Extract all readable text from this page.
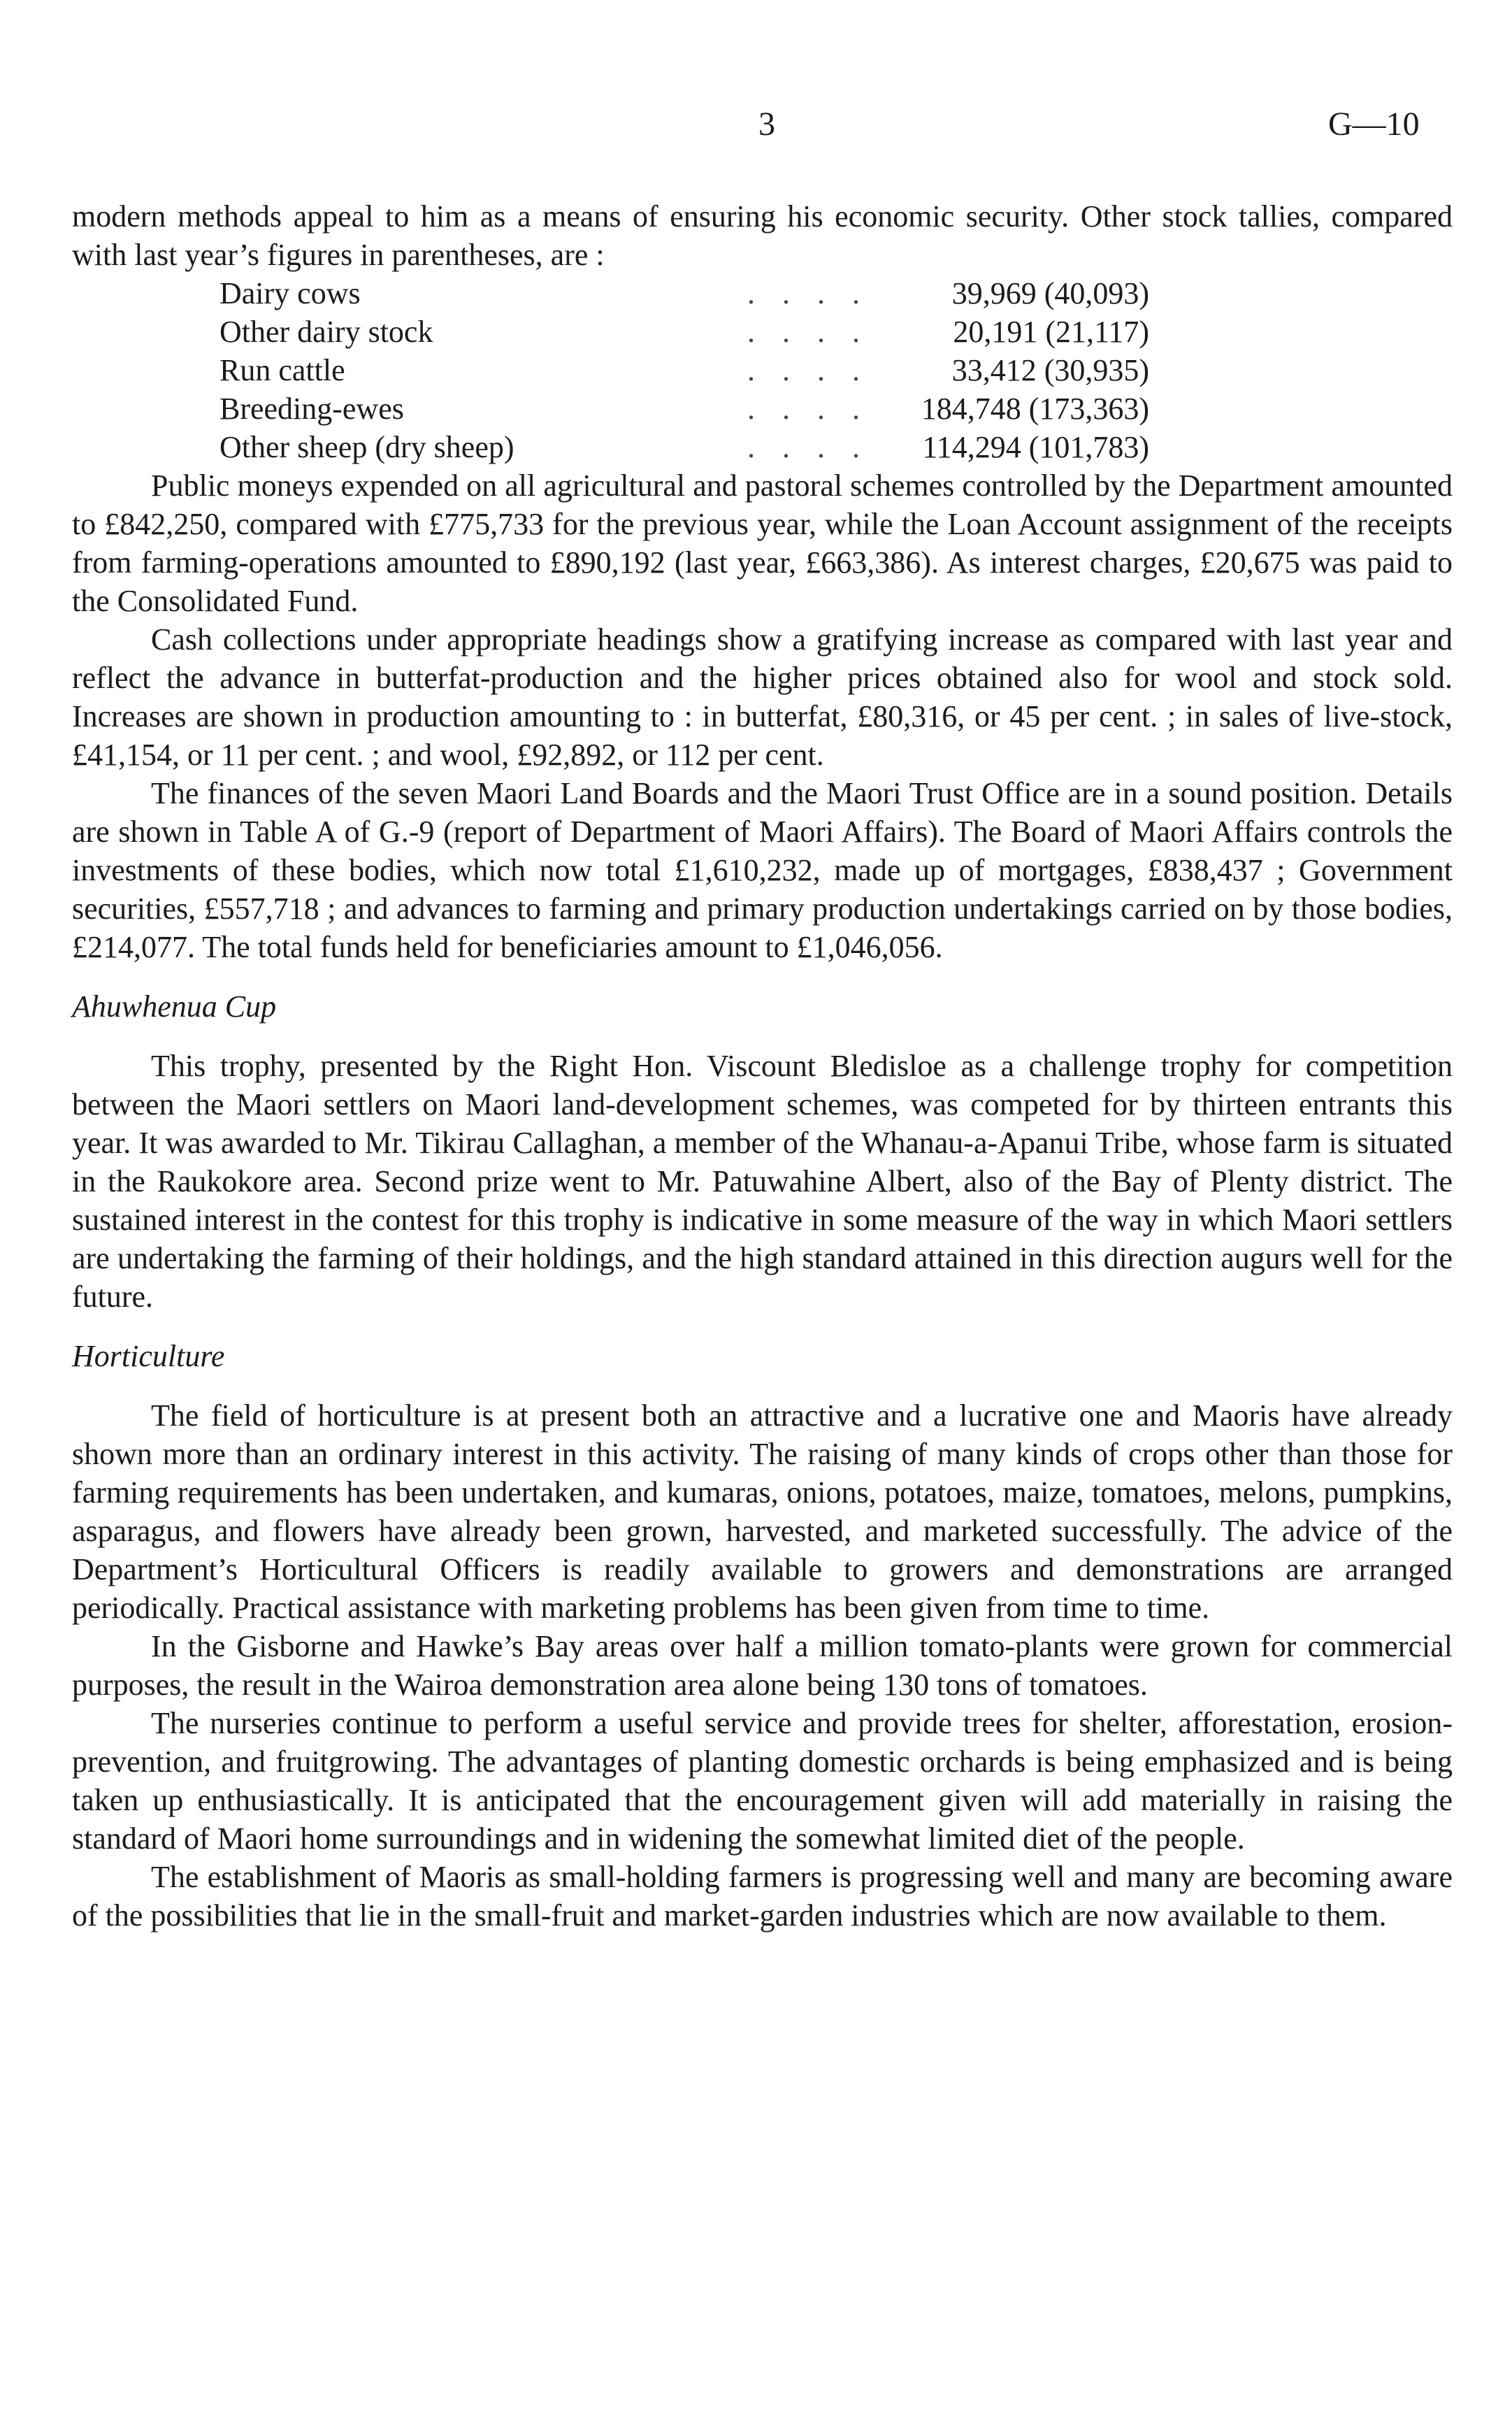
3	G—10

modern methods appeal to him as a means of ensuring his economic security. Other stock tallies, compared with last year’s figures in parentheses, are :

Dairy cows	. . . .	39,969 (40,093)
Other dairy stock	. . . .	20,191 (21,117)
Run cattle	. . . .	33,412 (30,935)
Breeding-ewes	. . . .	184,748 (173,363)
Other sheep (dry sheep)	. . . .	114,294 (101,783)

Public moneys expended on all agricultural and pastoral schemes controlled by the Department amounted to £842,250, compared with £775,733 for the previous year, while the Loan Account assignment of the receipts from farming-operations amounted to £890,192 (last year, £663,386). As interest charges, £20,675 was paid to the Consolidated Fund.

Cash collections under appropriate headings show a gratifying increase as compared with last year and reflect the advance in butterfat-production and the higher prices obtained also for wool and stock sold. Increases are shown in production amounting to : in butterfat, £80,316, or 45 per cent. ; in sales of live-stock, £41,154, or 11 per cent. ; and wool, £92,892, or 112 per cent.

The finances of the seven Maori Land Boards and the Maori Trust Office are in a sound position. Details are shown in Table A of G.-9 (report of Department of Maori Affairs). The Board of Maori Affairs controls the investments of these bodies, which now total £1,610,232, made up of mortgages, £838,437 ; Government securities, £557,718 ; and advances to farming and primary production undertakings carried on by those bodies, £214,077. The total funds held for beneficiaries amount to £1,046,056.

Ahuwhenua Cup

This trophy, presented by the Right Hon. Viscount Bledisloe as a challenge trophy for competition between the Maori settlers on Maori land-development schemes, was competed for by thirteen entrants this year. It was awarded to Mr. Tikirau Callaghan, a member of the Whanau-a-Apanui Tribe, whose farm is situated in the Raukokore area. Second prize went to Mr. Patuwahine Albert, also of the Bay of Plenty district. The sustained interest in the contest for this trophy is indicative in some measure of the way in which Maori settlers are undertaking the farming of their holdings, and the high standard attained in this direction augurs well for the future.

Horticulture

The field of horticulture is at present both an attractive and a lucrative one and Maoris have already shown more than an ordinary interest in this activity. The raising of many kinds of crops other than those for farming requirements has been undertaken, and kumaras, onions, potatoes, maize, tomatoes, melons, pumpkins, asparagus, and flowers have already been grown, harvested, and marketed successfully. The advice of the Department’s Horticultural Officers is readily available to growers and demonstrations are arranged periodically. Practical assistance with marketing problems has been given from time to time.

In the Gisborne and Hawke’s Bay areas over half a million tomato-plants were grown for commercial purposes, the result in the Wairoa demonstration area alone being 130 tons of tomatoes.

The nurseries continue to perform a useful service and provide trees for shelter, afforestation, erosion-prevention, and fruitgrowing. The advantages of planting domestic orchards is being emphasized and is being taken up enthusiastically. It is anticipated that the encouragement given will add materially in raising the standard of Maori home surroundings and in widening the somewhat limited diet of the people.

The establishment of Maoris as small-holding farmers is progressing well and many are becoming aware of the possibilities that lie in the small-fruit and market-garden industries which are now available to them.
